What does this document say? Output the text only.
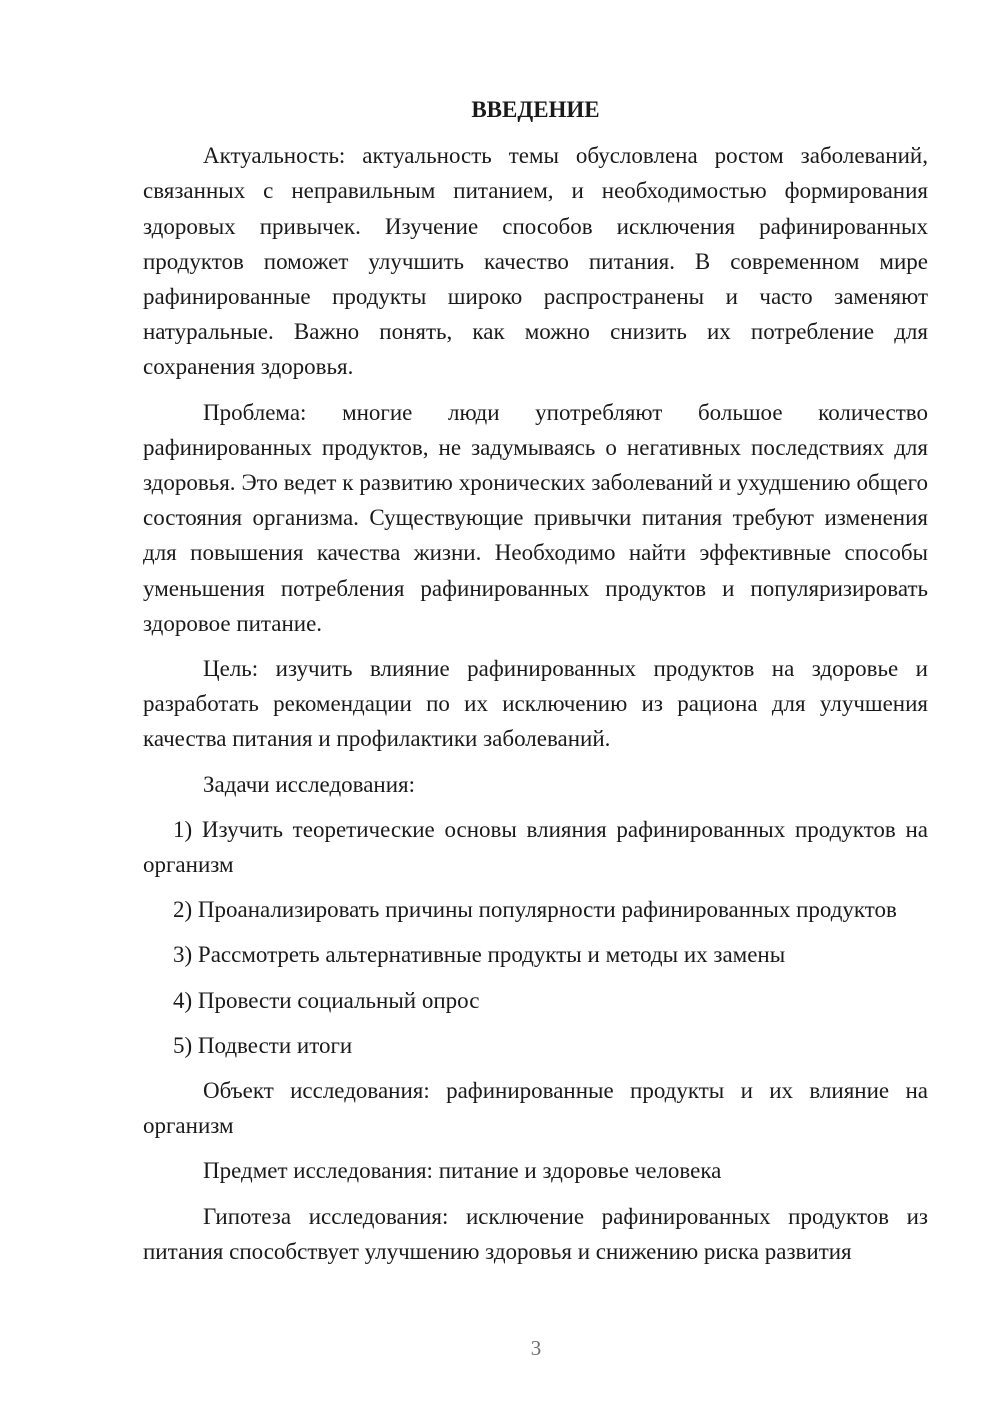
ВВЕДЕНИЕ

Актуальность: актуальность темы обусловлена ростом заболеваний, связанных с неправильным питанием, и необходимостью формирования здоровых привычек. Изучение способов исключения рафинированных продуктов поможет улучшить качество питания. В современном мире рафинированные продукты широко распространены и часто заменяют натуральные. Важно понять, как можно снизить их потребление для сохранения здоровья.

Проблема: многие люди употребляют большое количество рафинированных продуктов, не задумываясь о негативных последствиях для здоровья. Это ведет к развитию хронических заболеваний и ухудшению общего состояния организма. Существующие привычки питания требуют изменения для повышения качества жизни. Необходимо найти эффективные способы уменьшения потребления рафинированных продуктов и популяризировать здоровое питание.

Цель: изучить влияние рафинированных продуктов на здоровье и разработать рекомендации по их исключению из рациона для улучшения качества питания и профилактики заболеваний.

Задачи исследования:

1) Изучить теоретические основы влияния рафинированных продуктов на организм

2) Проанализировать причины популярности рафинированных продуктов

3) Рассмотреть альтернативные продукты и методы их замены

4) Провести социальный опрос

5) Подвести итоги

Объект исследования: рафинированные продукты и их влияние на организм

Предмет исследования: питание и здоровье человека

Гипотеза исследования: исключение рафинированных продуктов из питания способствует улучшению здоровья и снижению риска развития

3
